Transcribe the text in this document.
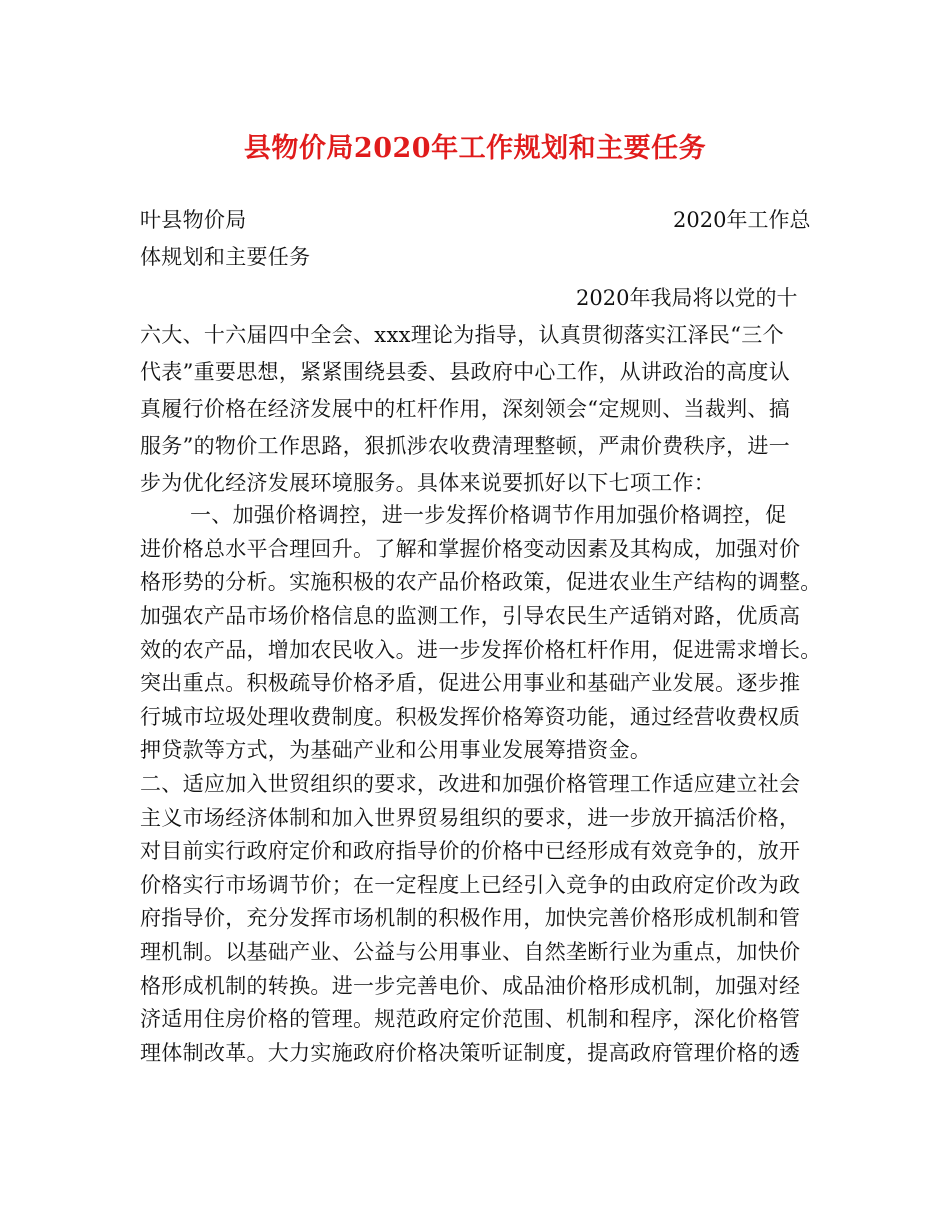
县物价局2020年工作规划和主要任务
叶县物价局	2020年工作总
体规划和主要任务
2020年我局将以党的十
六大、十六届四中全会、xxx理论为指导，认真贯彻落实江泽民“三个
代表”重要思想，紧紧围绕县委、县政府中心工作，从讲政治的高度认
真履行价格在经济发展中的杠杆作用，深刻领会“定规则、当裁判、搞
服务”的物价工作思路，狠抓涉农收费清理整顿，严肃价费秩序，进一
步为优化经济发展环境服务。具体来说要抓好以下七项工作：
一、加强价格调控，进一步发挥价格调节作用加强价格调控，促
进价格总水平合理回升。了解和掌握价格变动因素及其构成，加强对价
格形势的分析。实施积极的农产品价格政策，促进农业生产结构的调整。
加强农产品市场价格信息的监测工作，引导农民生产适销对路，优质高
效的农产品，增加农民收入。进一步发挥价格杠杆作用，促进需求增长。
突出重点。积极疏导价格矛盾，促进公用事业和基础产业发展。逐步推
行城市垃圾处理收费制度。积极发挥价格筹资功能，通过经营收费权质
押贷款等方式，为基础产业和公用事业发展筹措资金。
二、适应加入世贸组织的要求，改进和加强价格管理工作适应建立社会
主义市场经济体制和加入世界贸易组织的要求，进一步放开搞活价格，
对目前实行政府定价和政府指导价的价格中已经形成有效竞争的，放开
价格实行市场调节价；在一定程度上已经引入竞争的由政府定价改为政
府指导价，充分发挥市场机制的积极作用，加快完善价格形成机制和管
理机制。以基础产业、公益与公用事业、自然垄断行业为重点，加快价
格形成机制的转换。进一步完善电价、成品油价格形成机制，加强对经
济适用住房价格的管理。规范政府定价范围、机制和程序，深化价格管
理体制改革。大力实施政府价格决策听证制度，提高政府管理价格的透
